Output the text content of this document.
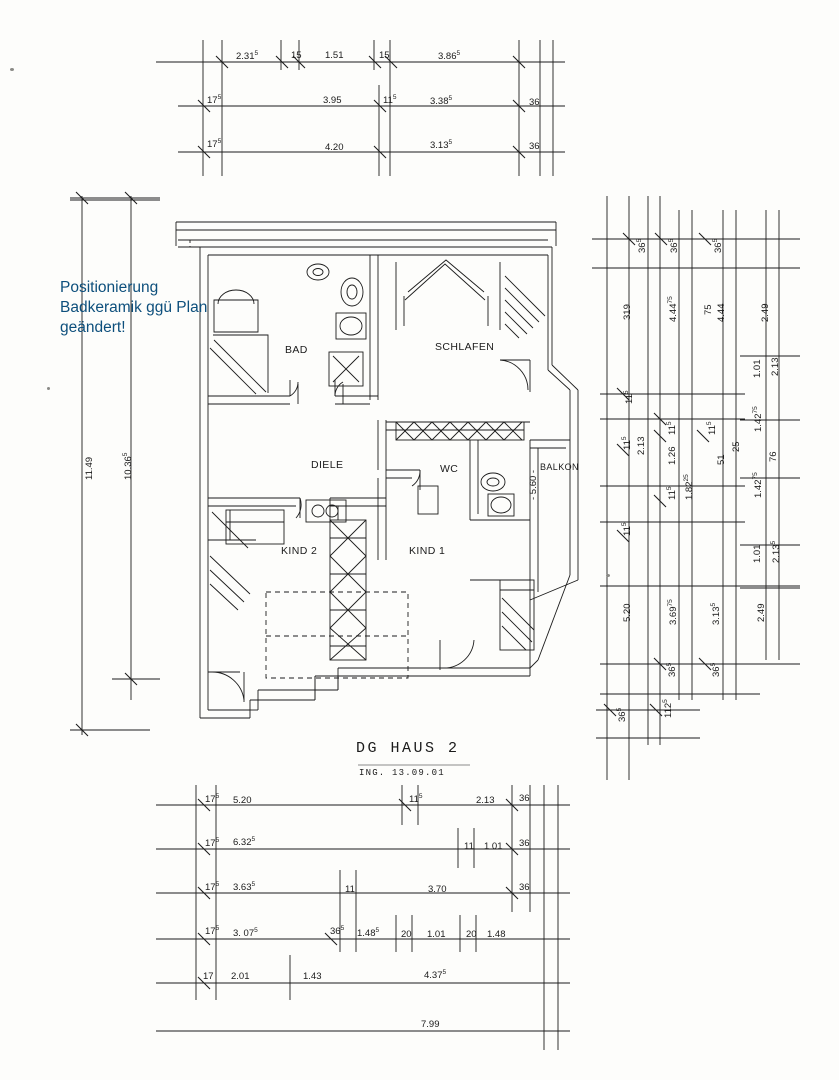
Positionierung Badkeramik ggü Plan geändert!
DG HAUS 2
ING. 13.09.01
BAD	SCHLAFEN
DIELE	WC	BALKON
KIND 2	KIND 1
- 5.60 -
11.49	10.36$^5$
2.31$^5$	15 1.51	15	3.86$^5$
$17^5$	3.95	$11^5$	3.38$^5$	36
$17^5$
4.20	3.13$^5$	36
$17^5$ 5.20	$11^5$	2.13	36
$17^5$ 6.32$^5$
11 1 01 36
$17^5$ 3.63$^5$	11	3.70	36
$17^5$ 3. $07^5$	$36^5$ 1.48$^5$ 20 1.01 20 1.48
17 2.01	1.43	4.37$^5$
7.99
$36^5$
$36^5$
$36^5$
319	4.44$^{75}$
75 4.44	2.49
$11^5$
1.01 2.13
$11^5$ 2.13
$11^5$
1.26
$11^5$	1.42$^{75}$
51
25
76
$11^5$	1.82$^{25}$
1.42$^{75}$
$11^5$
1.01 2.13$^5$
5.20	3.69$^{75}$
3.13$^5$	2.49
$36^5$
$36^5$
$36^5$	$112^5$
